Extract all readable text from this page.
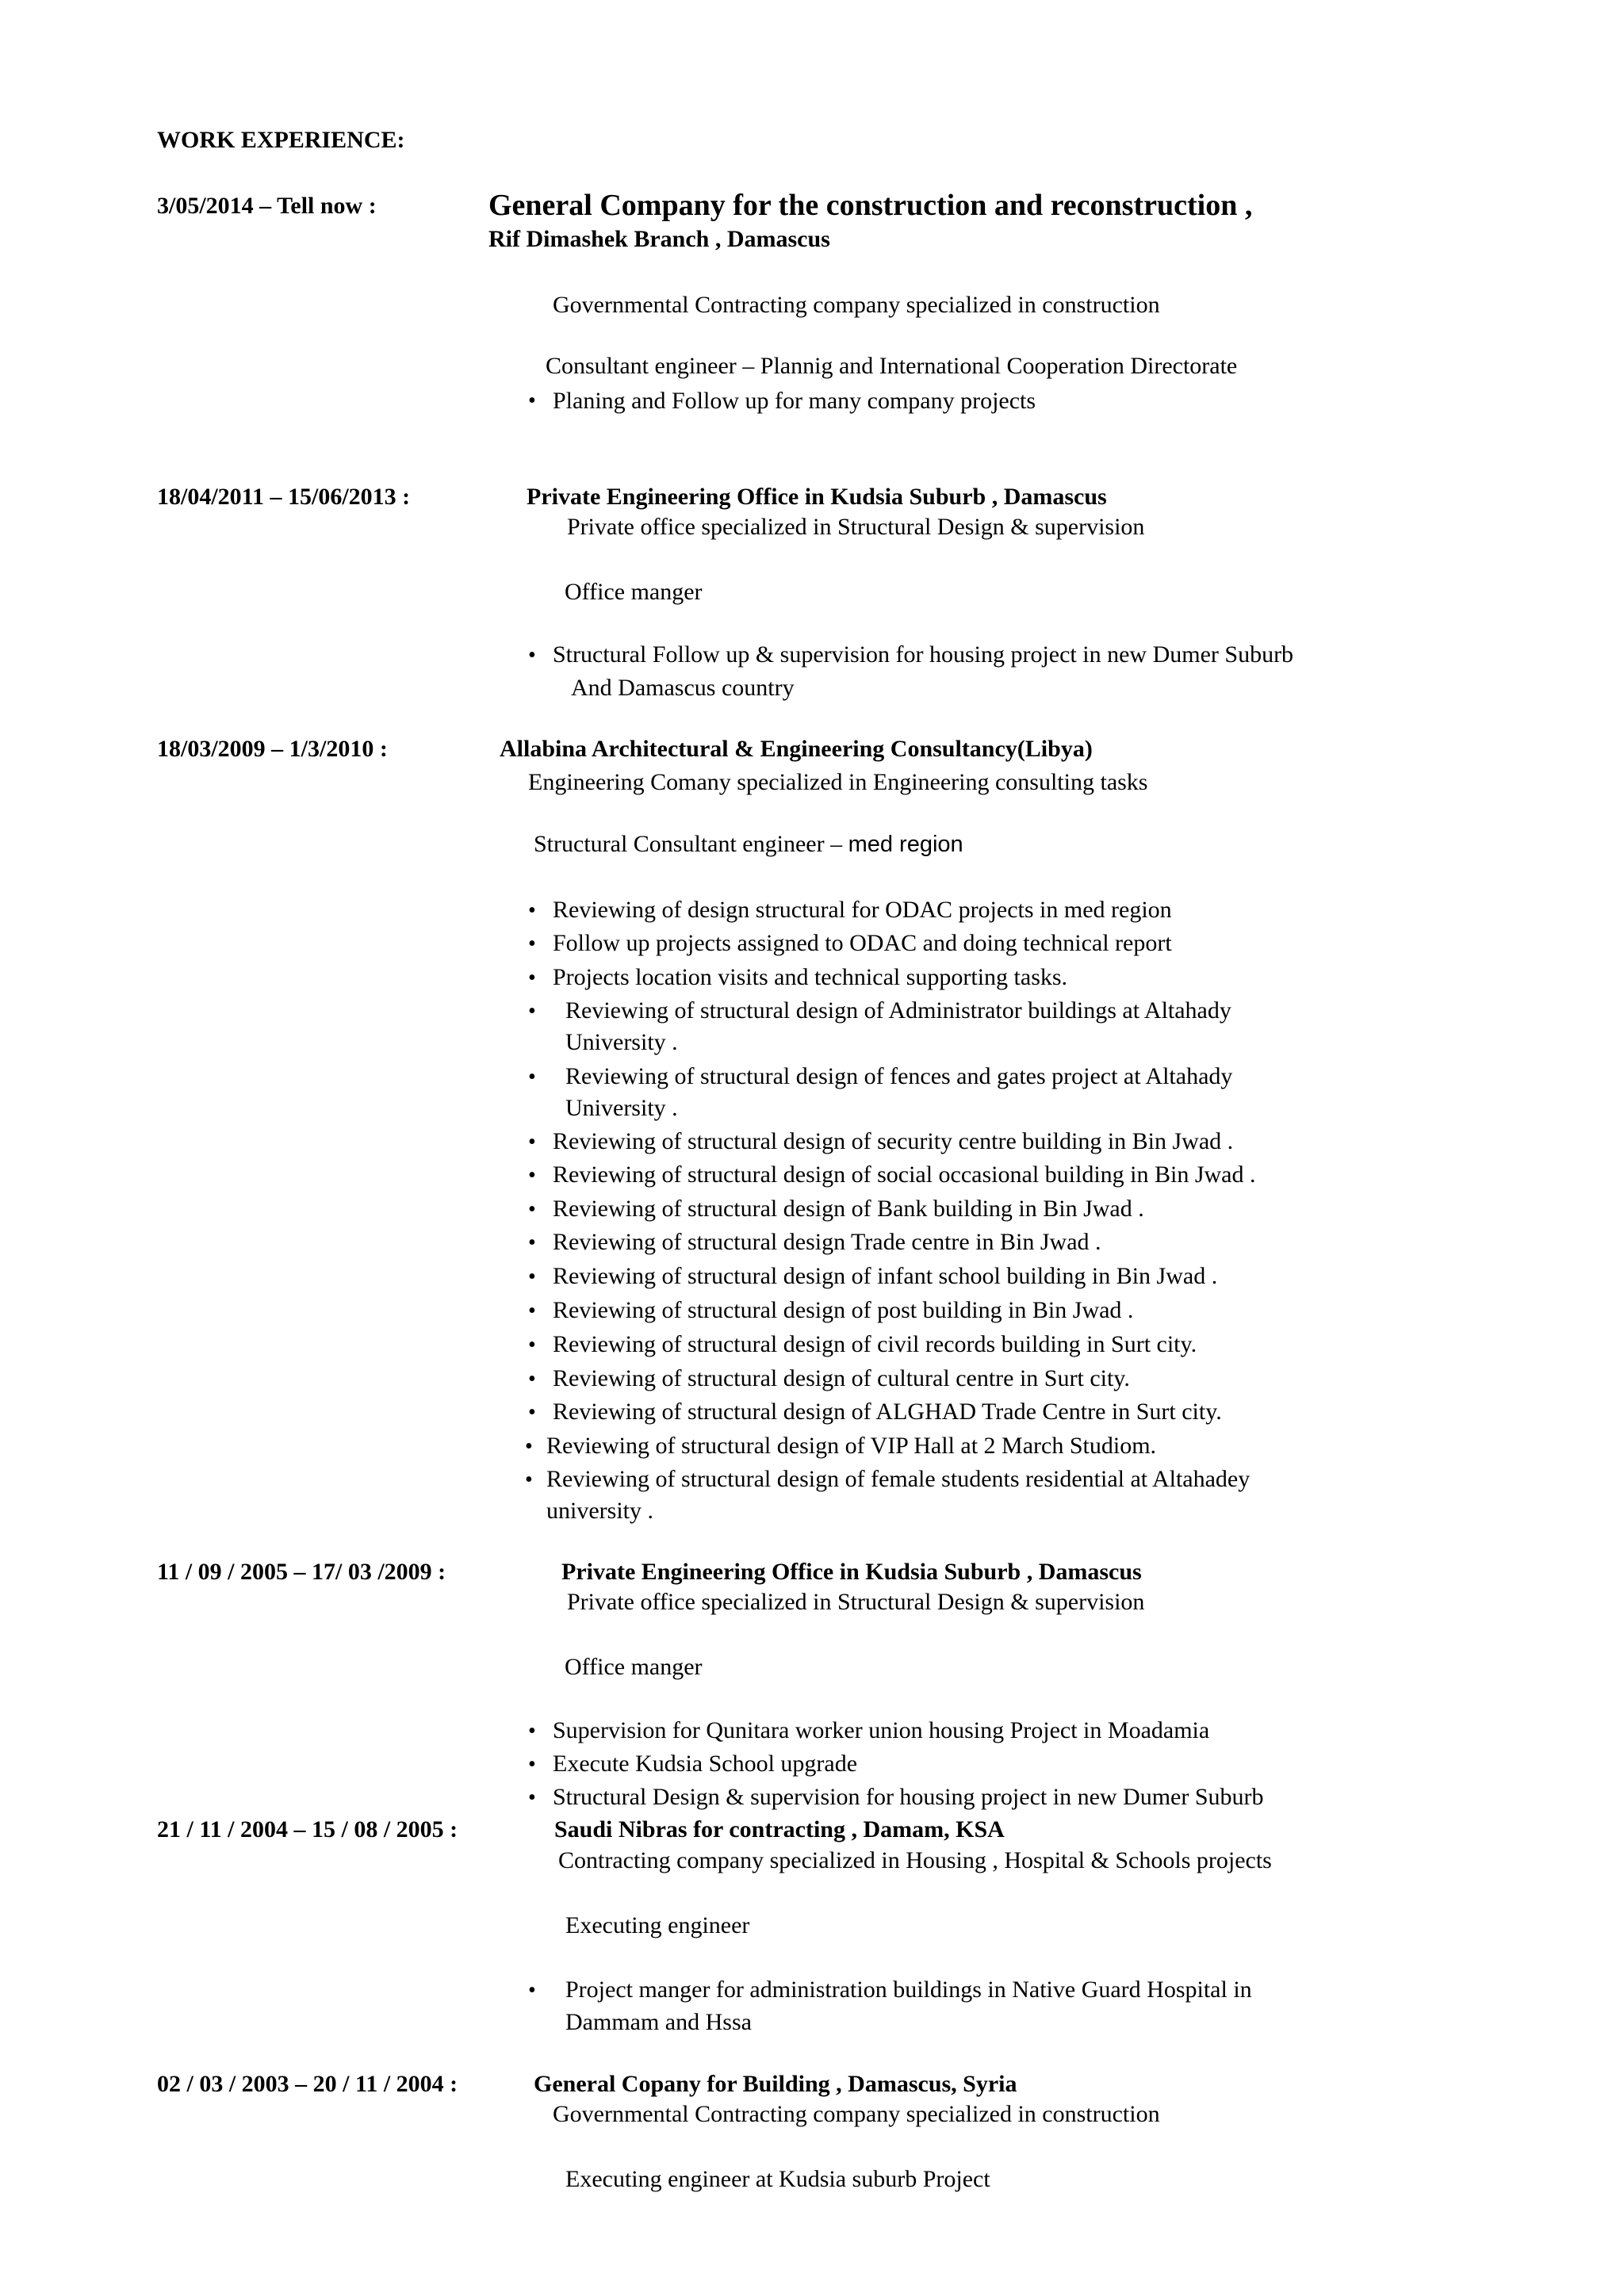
WORK EXPERIENCE:
3/05/2014 – Tell now :	General Company for the construction and reconstruction ,
Rif Dimashek Branch , Damascus
Governmental Contracting company specialized in construction
Consultant engineer – Plannig and International Cooperation Directorate
• Planing and Follow up for many company projects
18/04/2011 – 15/06/2013 :	Private Engineering Office in Kudsia Suburb , Damascus
Private office specialized in Structural Design & supervision
Office manger
• Structural Follow up & supervision for housing project in new Dumer Suburb
And Damascus country
18/03/2009 – 1/3/2010 :	Allabina Architectural & Engineering Consultancy(Libya)
Engineering Comany specialized in Engineering consulting tasks
Structural Consultant engineer – med region
• Reviewing of design structural for ODAC projects in med region
• Follow up projects assigned to ODAC and doing technical report
• Projects location visits and technical supporting tasks.
• Reviewing of structural design of Administrator buildings at Altahady
University .
• Reviewing of structural design of fences and gates project at Altahady
University .
• Reviewing of structural design of security centre building in Bin Jwad .
• Reviewing of structural design of social occasional building in Bin Jwad .
• Reviewing of structural design of Bank building in Bin Jwad .
• Reviewing of structural design Trade centre in Bin Jwad .
• Reviewing of structural design of infant school building in Bin Jwad .
• Reviewing of structural design of post building in Bin Jwad .
• Reviewing of structural design of civil records building in Surt city.
• Reviewing of structural design of cultural centre in Surt city.
• Reviewing of structural design of ALGHAD Trade Centre in Surt city.
• Reviewing of structural design of VIP Hall at 2 March Studiom.
• Reviewing of structural design of female students residential at Altahadey
university .
11 / 09 / 2005 – 17/ 03 /2009 :	Private Engineering Office in Kudsia Suburb , Damascus
Private office specialized in Structural Design & supervision
Office manger
• Supervision for Qunitara worker union housing Project in Moadamia
• Execute Kudsia School upgrade
• Structural Design & supervision for housing project in new Dumer Suburb
21 / 11 / 2004 – 15 / 08 / 2005 :	Saudi Nibras for contracting , Damam, KSA
Contracting company specialized in Housing , Hospital & Schools projects
Executing engineer
• Project manger for administration buildings in Native Guard Hospital in
Dammam and Hssa
02 / 03 / 2003 – 20 / 11 / 2004 :	General Copany for Building , Damascus, Syria
Governmental Contracting company specialized in construction
Executing engineer at Kudsia suburb Project
